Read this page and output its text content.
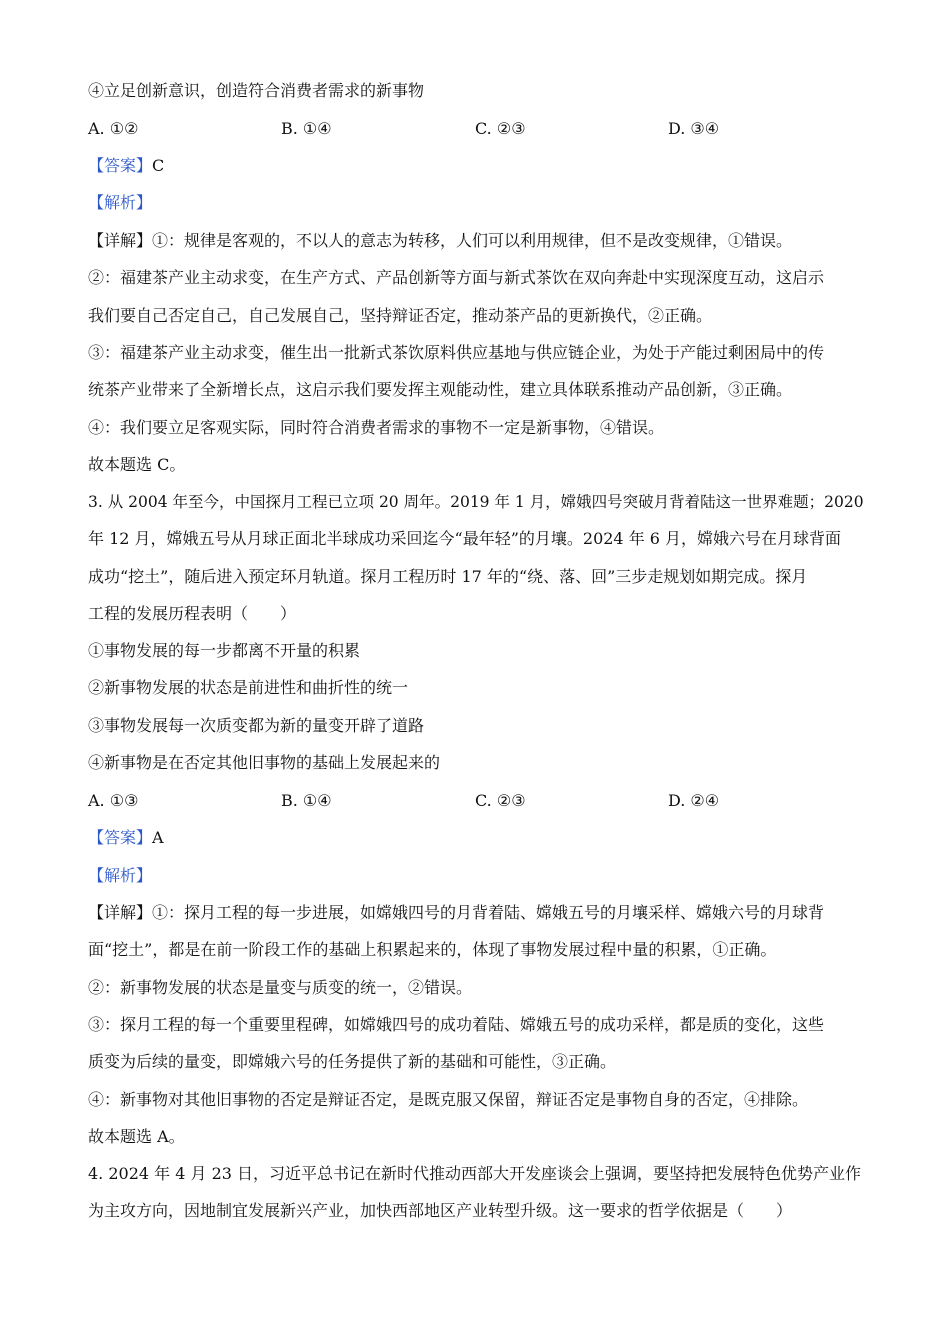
④立足创新意识，创造符合消费者需求的新事物
A. ①②	B. ①④	C. ②③	D. ③④
【答案】C
【解析】
【详解】①：规律是客观的，不以人的意志为转移，人们可以利用规律，但不是改变规律，①错误。
②：福建茶产业主动求变，在生产方式、产品创新等方面与新式茶饮在双向奔赴中实现深度互动，这启示
我们要自己否定自己，自己发展自己，坚持辩证否定，推动茶产品的更新换代，②正确。
③：福建茶产业主动求变，催生出一批新式茶饮原料供应基地与供应链企业，为处于产能过剩困局中的传
统茶产业带来了全新增长点，这启示我们要发挥主观能动性，建立具体联系推动产品创新，③正确。
④：我们要立足客观实际，同时符合消费者需求的事物不一定是新事物，④错误。
故本题选 C。
3. 从 2004 年至今，中国探月工程已立项 20 周年。2019 年 1 月，嫦娥四号突破月背着陆这一世界难题；2020
年 12 月，嫦娥五号从月球正面北半球成功采回迄今“最年轻”的月壤。2024 年 6 月，嫦娥六号在月球背面
成功“挖土”，随后进入预定环月轨道。探月工程历时 17 年的“绕、落、回”三步走规划如期完成。探月
工程的发展历程表明（　　）
①事物发展的每一步都离不开量的积累
②新事物发展的状态是前进性和曲折性的统一
③事物发展每一次质变都为新的量变开辟了道路
④新事物是在否定其他旧事物的基础上发展起来的
A. ①③	B. ①④	C. ②③	D. ②④
【答案】A
【解析】
【详解】①：探月工程的每一步进展，如嫦娥四号的月背着陆、嫦娥五号的月壤采样、嫦娥六号的月球背
面“挖土”，都是在前一阶段工作的基础上积累起来的，体现了事物发展过程中量的积累，①正确。
②：新事物发展的状态是量变与质变的统一，②错误。
③：探月工程的每一个重要里程碑，如嫦娥四号的成功着陆、嫦娥五号的成功采样，都是质的变化，这些
质变为后续的量变，即嫦娥六号的任务提供了新的基础和可能性，③正确。
④：新事物对其他旧事物的否定是辩证否定，是既克服又保留，辩证否定是事物自身的否定，④排除。
故本题选 A。
4. 2024 年 4 月 23 日，习近平总书记在新时代推动西部大开发座谈会上强调，要坚持把发展特色优势产业作
为主攻方向，因地制宜发展新兴产业，加快西部地区产业转型升级。这一要求的哲学依据是（　　）
